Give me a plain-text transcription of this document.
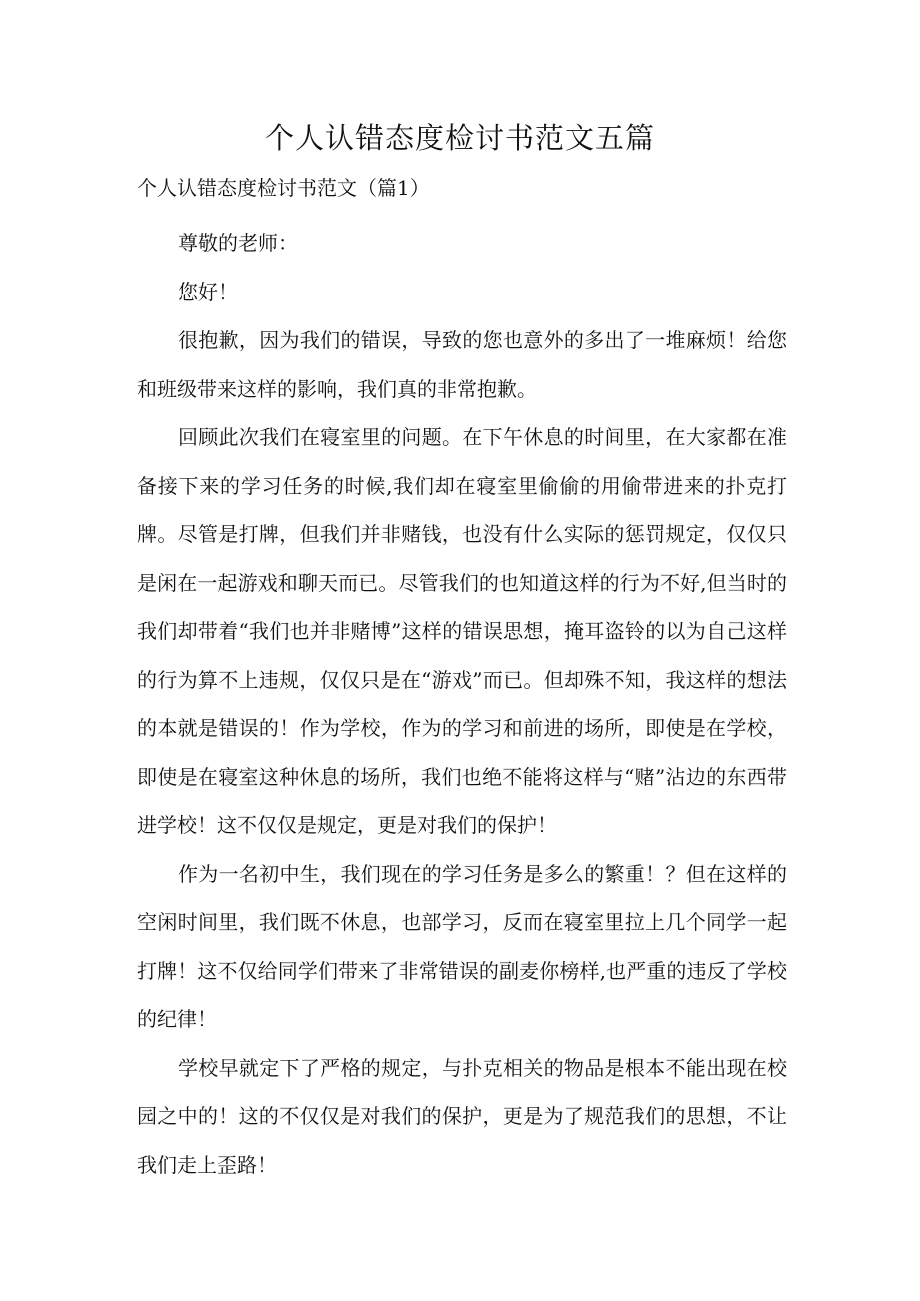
个人认错态度检讨书范文五篇

个人认错态度检讨书范文（篇1）

尊敬的老师：

您好！

很抱歉，因为我们的错误，导致的您也意外的多出了一堆麻烦！给您和班级带来这样的影响，我们真的非常抱歉。

回顾此次我们在寝室里的问题。在下午休息的时间里，在大家都在准备接下来的学习任务的时候,我们却在寝室里偷偷的用偷带进来的扑克打牌。尽管是打牌，但我们并非赌钱，也没有什么实际的惩罚规定，仅仅只是闲在一起游戏和聊天而已。尽管我们的也知道这样的行为不好,但当时的我们却带着“我们也并非赌博”这样的错误思想，掩耳盗铃的以为自己这样的行为算不上违规，仅仅只是在“游戏”而已。但却殊不知，我这样的想法的本就是错误的！作为学校，作为的学习和前进的场所，即使是在学校，即使是在寝室这种休息的场所，我们也绝不能将这样与“赌”沾边的东西带进学校！这不仅仅是规定，更是对我们的保护！

作为一名初中生，我们现在的学习任务是多么的繁重！？但在这样的空闲时间里，我们既不休息，也部学习，反而在寝室里拉上几个同学一起打牌！这不仅给同学们带来了非常错误的副麦你榜样,也严重的违反了学校的纪律！

学校早就定下了严格的规定，与扑克相关的物品是根本不能出现在校园之中的！这的不仅仅是对我们的保护，更是为了规范我们的思想，不让我们走上歪路！
